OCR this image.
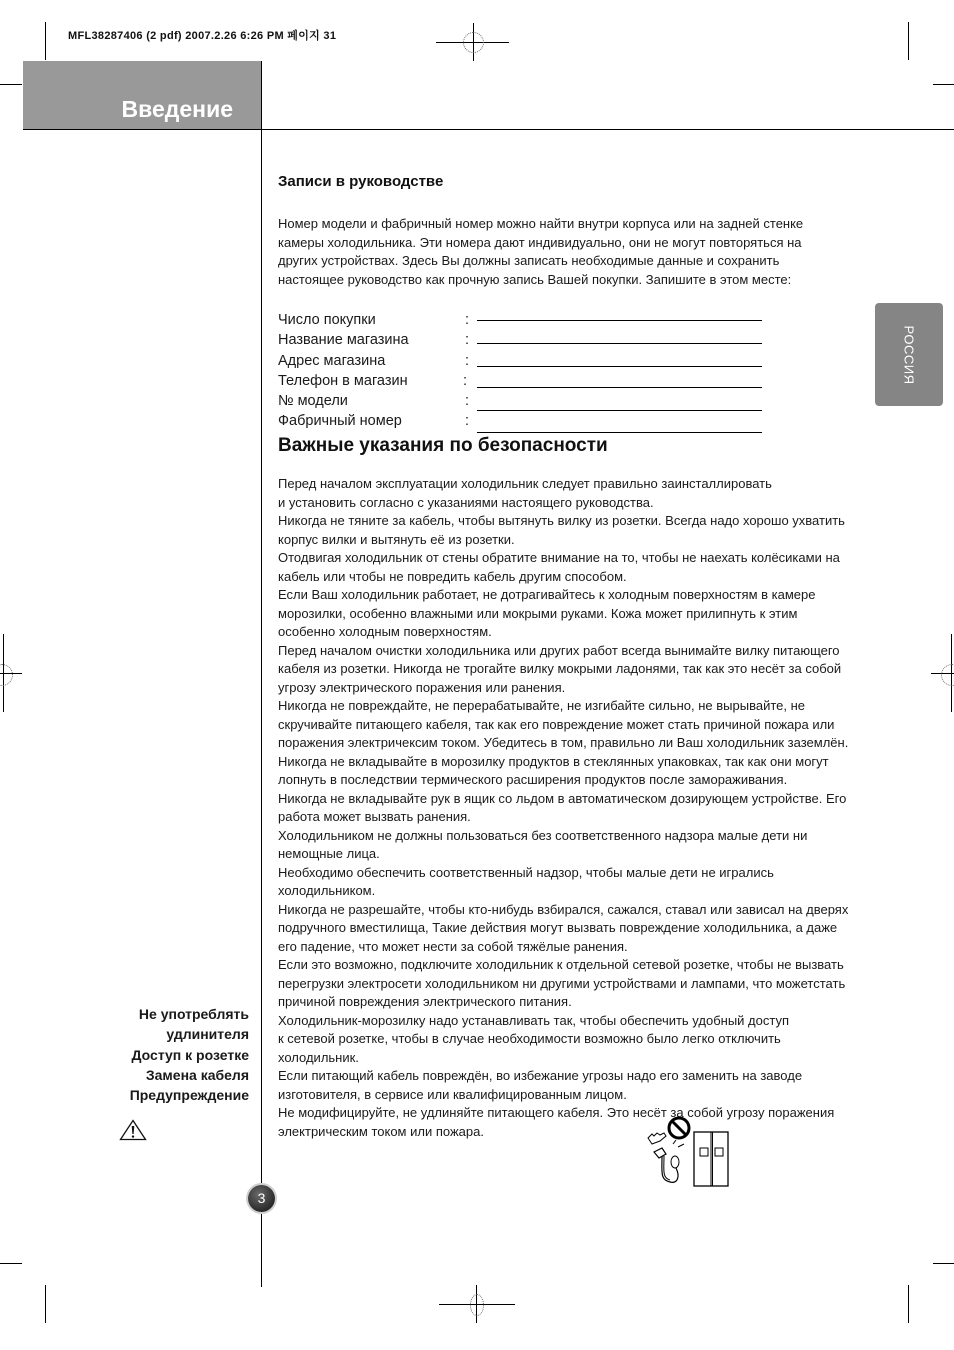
MFL38287406 (2 pdf) 2007.2.26 6:26 PM 페이지 31
Введение
РОССИЯ
Записи в руководстве
Номер модели и фабричный номер можно найти внутри корпуса или на задней стенке
камеры холодильника. Эти номера дают индивидуально, они не могут повторяться на
других устройствах. Здесь Вы должны записать необходимые данные и сохранить
настоящее руководство как прочную запись Вашей покупки. Запишите в этом месте:
Число покупки	:
Название магазина	:
Адрес магазина	:
Телефон в магазин	:
№ модели	:
Фабричный номер	:
Важные указания по безопасности
Перед началом эксплуатации холодильник следует правильно заинсталлировать
и установить согласно с указаниями настоящего руководства.
Никогда не тяните за кабель, чтобы вытянуть вилку из розетки. Всегда надо хорошо ухватить
корпус вилки и вытянуть её из розетки.
Отодвигая холодильник от стены обратите внимание на то, чтобы не наехать колёсиками на
кабель или чтобы не повредить кабель другим способом.
Если Ваш холодильник работает, не дотрагивайтесь к холодным поверхностям в камере
морозилки, особенно влажными или мокрыми руками. Кожа может прилипнуть к этим
особенно холодным поверхностям.
Перед началом очистки холодильника или других работ всегда вынимайте вилку питающего
кабеля из розетки. Никогда не трогайте вилку мокрыми ладонями, так как это несёт за собой
угрозу электрического поражения или ранения.
Никогда не повреждайте, не перерабатывайте, не изгибайте сильно, не вырывайте, не
скручивайте питающего кабеля, так как его повреждение может стать причиной пожара или
поражения электричексим током. Убедитесь в том, правильно ли Ваш холодильник заземлён.
Никогда не вкладывайте в морозилку продуктов в стеклянных упаковках, так как они могут
лопнуть в последствии термического расширения продуктов после замораживания.
Никогда не вкладывайте рук в ящик со льдом в автоматическом дозирующем устройстве. Его
работа может вызвать ранения.
Холодильником не должны пользоваться без соответственного надзора малые дети ни
немощные лица.
Необходимо обеспечить соответственный надзор, чтобы малые дети не игрались
холодильником.
Никогда не разрешайте, чтобы кто-нибудь взбирался, сажался, ставал или зависал на дверях
подручного вместилища, Такие действия могут вызвать повреждение холодильника, а даже
его падение, что может нести за собой тяжёлые ранения.
Если это возможно, подключите холодильник к отдельной сетевой розетке, чтобы не вызвать
перегрузки электросети холодильником ни другими устройствами и лампами, что можетстать
причиной повреждения электрического питания.
Холодильник-морозилку надо устанавливать так, чтобы обеспечить удобный доступ
к сетевой розетке, чтобы в случае необходимости возможно было легко отключить
холодильник.
Если питающий кабель повреждён, во избежание угрозы надо его заменить на заводе
изготовителя, в сервисе или квалифицированным лицом.
Не модифицируйте, не удлиняйте питающего кабеля. Это несёт за собой угрозу поражения
электрическим током или пожара.
Не употреблять
удлинителя
Доступ к розетке
Замена кабеля
Предупреждение
3
